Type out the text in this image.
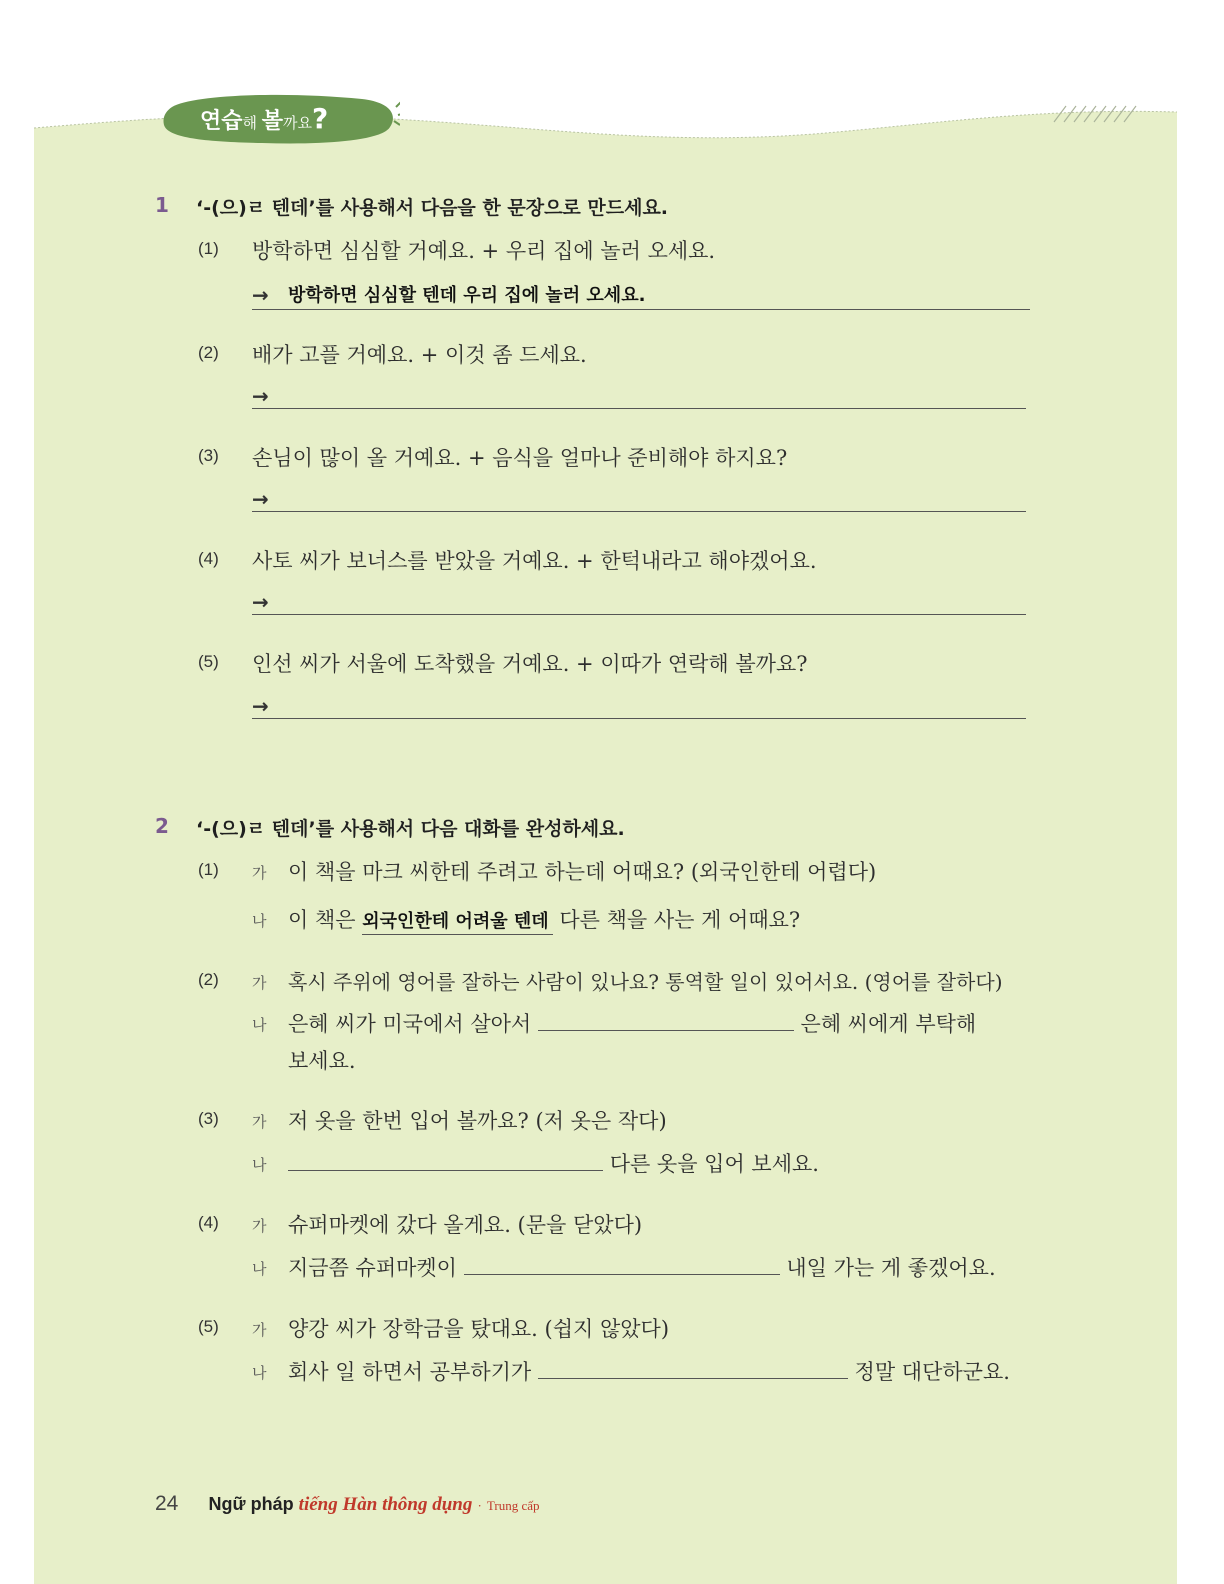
연습해 볼까요?
1 ‘-(으)ㄹ 텐데’를 사용해서 다음을 한 문장으로 만드세요.
(1) 방학하면 심심할 거예요. + 우리 집에 놀러 오세요.
→ 방학하면 심심할 텐데 우리 집에 놀러 오세요.
(2) 배가 고플 거예요. + 이것 좀 드세요.
→
(3) 손님이 많이 올 거예요. + 음식을 얼마나 준비해야 하지요?
→
(4) 사토 씨가 보너스를 받았을 거예요. + 한턱내라고 해야겠어요.
→
(5) 인선 씨가 서울에 도착했을 거예요. + 이따가 연락해 볼까요?
→
2 ‘-(으)ㄹ 텐데’를 사용해서 다음 대화를 완성하세요.
(1) 가 이 책을 마크 씨한테 주려고 하는데 어때요? (외국인한테 어렵다)
나 이 책은 외국인한테 어려울 텐데 다른 책을 사는 게 어때요?
(2) 가 혹시 주위에 영어를 잘하는 사람이 있나요? 통역할 일이 있어서요. (영어를 잘하다)
나 은혜 씨가 미국에서 살아서	은혜 씨에게 부탁해
보세요.
(3) 가 저 옷을 한번 입어 볼까요? (저 옷은 작다)
나	다른 옷을 입어 보세요.
(4) 가 슈퍼마켓에 갔다 올게요. (문을 닫았다)
나 지금쯤 슈퍼마켓이	내일 가는 게 좋겠어요.
(5) 가 양강 씨가 장학금을 탔대요. (쉽지 않았다)
나 회사 일 하면서 공부하기가	정말 대단하군요.
24 Ngữ pháp tiếng Hàn thông dụng · Trung cấp
